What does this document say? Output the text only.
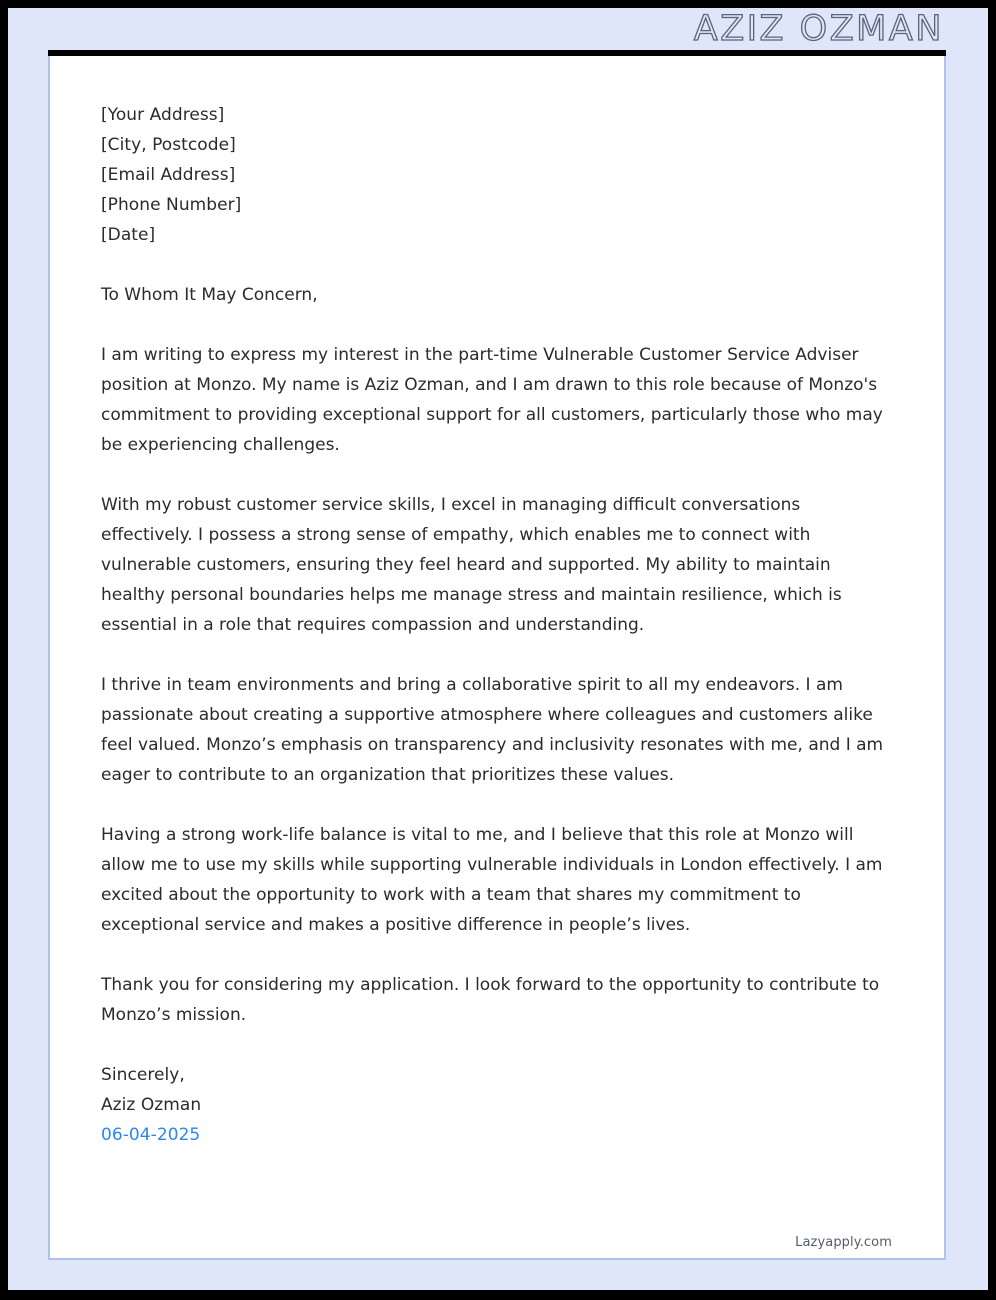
AZIZ OZMAN
[Your Address]
[City, Postcode]
[Email Address]
[Phone Number]
[Date]
To Whom It May Concern,
I am writing to express my interest in the part-time Vulnerable Customer Service Adviser position at Monzo. My name is Aziz Ozman, and I am drawn to this role because of Monzo's commitment to providing exceptional support for all customers, particularly those who may be experiencing challenges.
With my robust customer service skills, I excel in managing difficult conversations effectively. I possess a strong sense of empathy, which enables me to connect with vulnerable customers, ensuring they feel heard and supported. My ability to maintain healthy personal boundaries helps me manage stress and maintain resilience, which is essential in a role that requires compassion and understanding.
I thrive in team environments and bring a collaborative spirit to all my endeavors. I am passionate about creating a supportive atmosphere where colleagues and customers alike feel valued. Monzo’s emphasis on transparency and inclusivity resonates with me, and I am eager to contribute to an organization that prioritizes these values.
Having a strong work-life balance is vital to me, and I believe that this role at Monzo will allow me to use my skills while supporting vulnerable individuals in London effectively. I am excited about the opportunity to work with a team that shares my commitment to exceptional service and makes a positive difference in people’s lives.
Thank you for considering my application. I look forward to the opportunity to contribute to Monzo’s mission.
Sincerely,
Aziz Ozman
06-04-2025
Lazyapply.com
